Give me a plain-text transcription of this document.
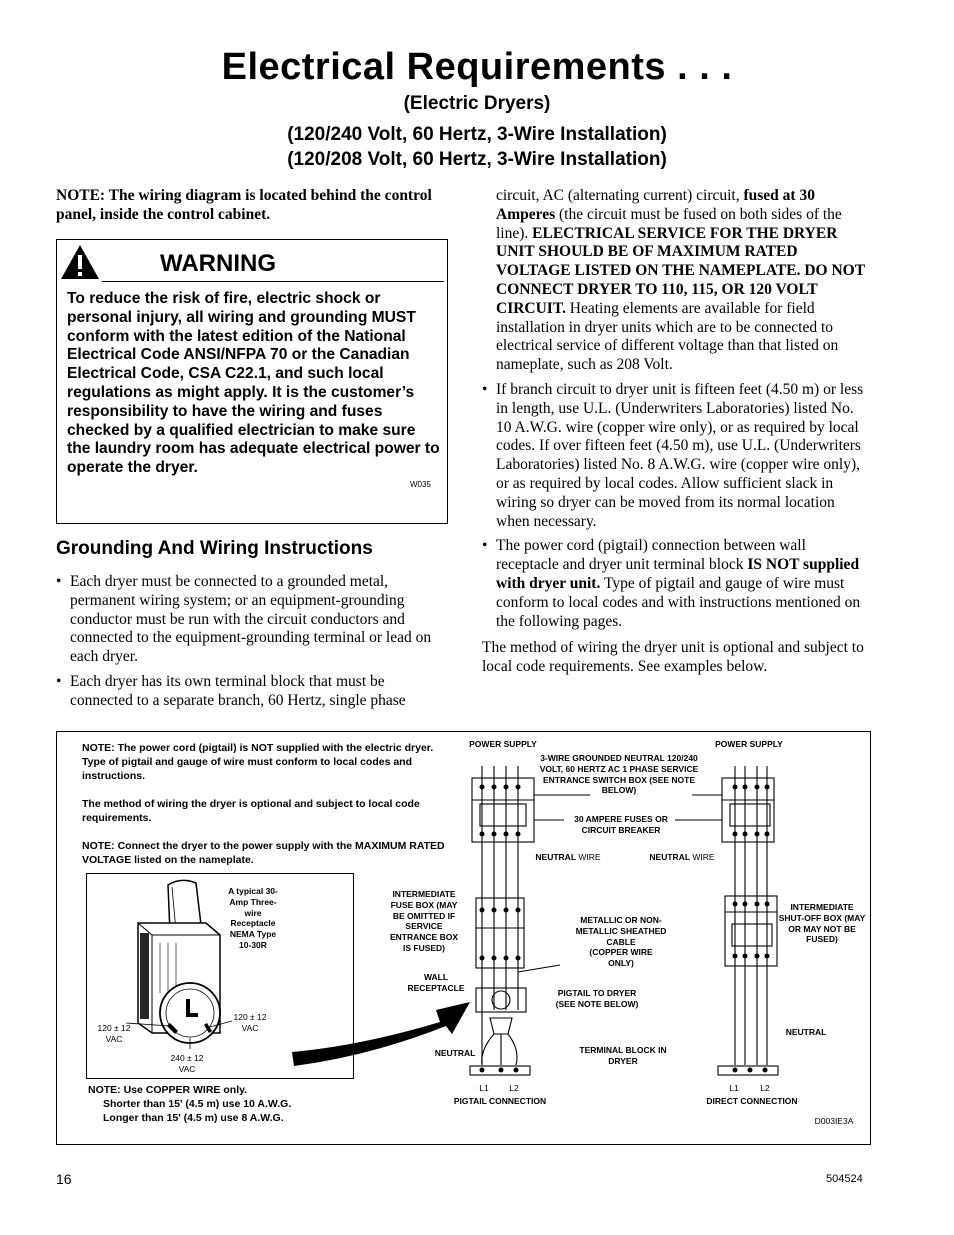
Electrical Requirements . . .
(Electric Dryers)
(120/240 Volt, 60 Hertz, 3-Wire Installation)
(120/208 Volt, 60 Hertz, 3-Wire Installation)
NOTE: The wiring diagram is located behind the control panel, inside the control cabinet.
WARNING
To reduce the risk of fire, electric shock or personal injury, all wiring and grounding MUST conform with the latest edition of the National Electrical Code ANSI/NFPA 70 or the Canadian Electrical Code, CSA C22.1, and such local regulations as might apply. It is the customer’s responsibility to have the wiring and fuses checked by a qualified electrician to make sure the laundry room has adequate electrical power to operate the dryer.
W035
Grounding And Wiring Instructions
• Each dryer must be connected to a grounded metal, permanent wiring system; or an equipment-grounding conductor must be run with the circuit conductors and connected to the equipment-grounding terminal or lead on each dryer.
• Each dryer has its own terminal block that must be connected to a separate branch, 60 Hertz, single phase
circuit, AC (alternating current) circuit, fused at 30 Amperes (the circuit must be fused on both sides of the line). ELECTRICAL SERVICE FOR THE DRYER UNIT SHOULD BE OF MAXIMUM RATED VOLTAGE LISTED ON THE NAMEPLATE. DO NOT CONNECT DRYER TO 110, 115, OR 120 VOLT CIRCUIT. Heating elements are available for field installation in dryer units which are to be connected to electrical service of different voltage than that listed on nameplate, such as 208 Volt.
• If branch circuit to dryer unit is fifteen feet (4.50 m) or less in length, use U.L. (Underwriters Laboratories) listed No. 10 A.W.G. wire (copper wire only), or as required by local codes. If over fifteen feet (4.50 m), use U.L. (Underwriters Laboratories) listed No. 8 A.W.G. wire (copper wire only), or as required by local codes. Allow sufficient slack in wiring so dryer can be moved from its normal location when necessary.
• The power cord (pigtail) connection between wall receptacle and dryer unit terminal block IS NOT supplied with dryer unit. Type of pigtail and gauge of wire must conform to local codes and with instructions mentioned on the following pages.
The method of wiring the dryer unit is optional and subject to local code requirements. See examples below.
NOTE: The power cord (pigtail) is NOT supplied with the electric dryer. Type of pigtail and gauge of wire must conform to local codes and instructions.
The method of wiring the dryer is optional and subject to local code requirements.
NOTE: Connect the dryer to the power supply with the MAXIMUM RATED VOLTAGE listed on the nameplate.
A typical 30-Amp Three-wire Receptacle NEMA Type 10-30R
120 ± 12 VAC
120 ± 12 VAC
240 ± 12 VAC
NOTE: Use COPPER WIRE only.
Shorter than 15' (4.5 m) use 10 A.W.G.
Longer than 15' (4.5 m) use 8 A.W.G.
POWER SUPPLY	POWER SUPPLY
3-WIRE GROUNDED NEUTRAL 120/240 VOLT, 60 HERTZ AC 1 PHASE SERVICE ENTRANCE SWITCH BOX (SEE NOTE BELOW)
30 AMPERE FUSES OR CIRCUIT BREAKER
NEUTRAL WIRE	NEUTRAL WIRE
INTERMEDIATE FUSE BOX (MAY BE OMITTED IF SERVICE ENTRANCE BOX IS FUSED)
METALLIC OR NON-METALLIC SHEATHED CABLE
(COPPER WIRE
ONLY)
INTERMEDIATE SHUT-OFF BOX (MAY OR MAY NOT BE FUSED)
WALL RECEPTACLE
PIGTAIL TO DRYER (SEE NOTE BELOW)
NEUTRAL
NEUTRAL
TERMINAL BLOCK IN DRYER
L1	L2	L1	L2
PIGTAIL CONNECTION	DIRECT CONNECTION
D003IE3A
16	504524
